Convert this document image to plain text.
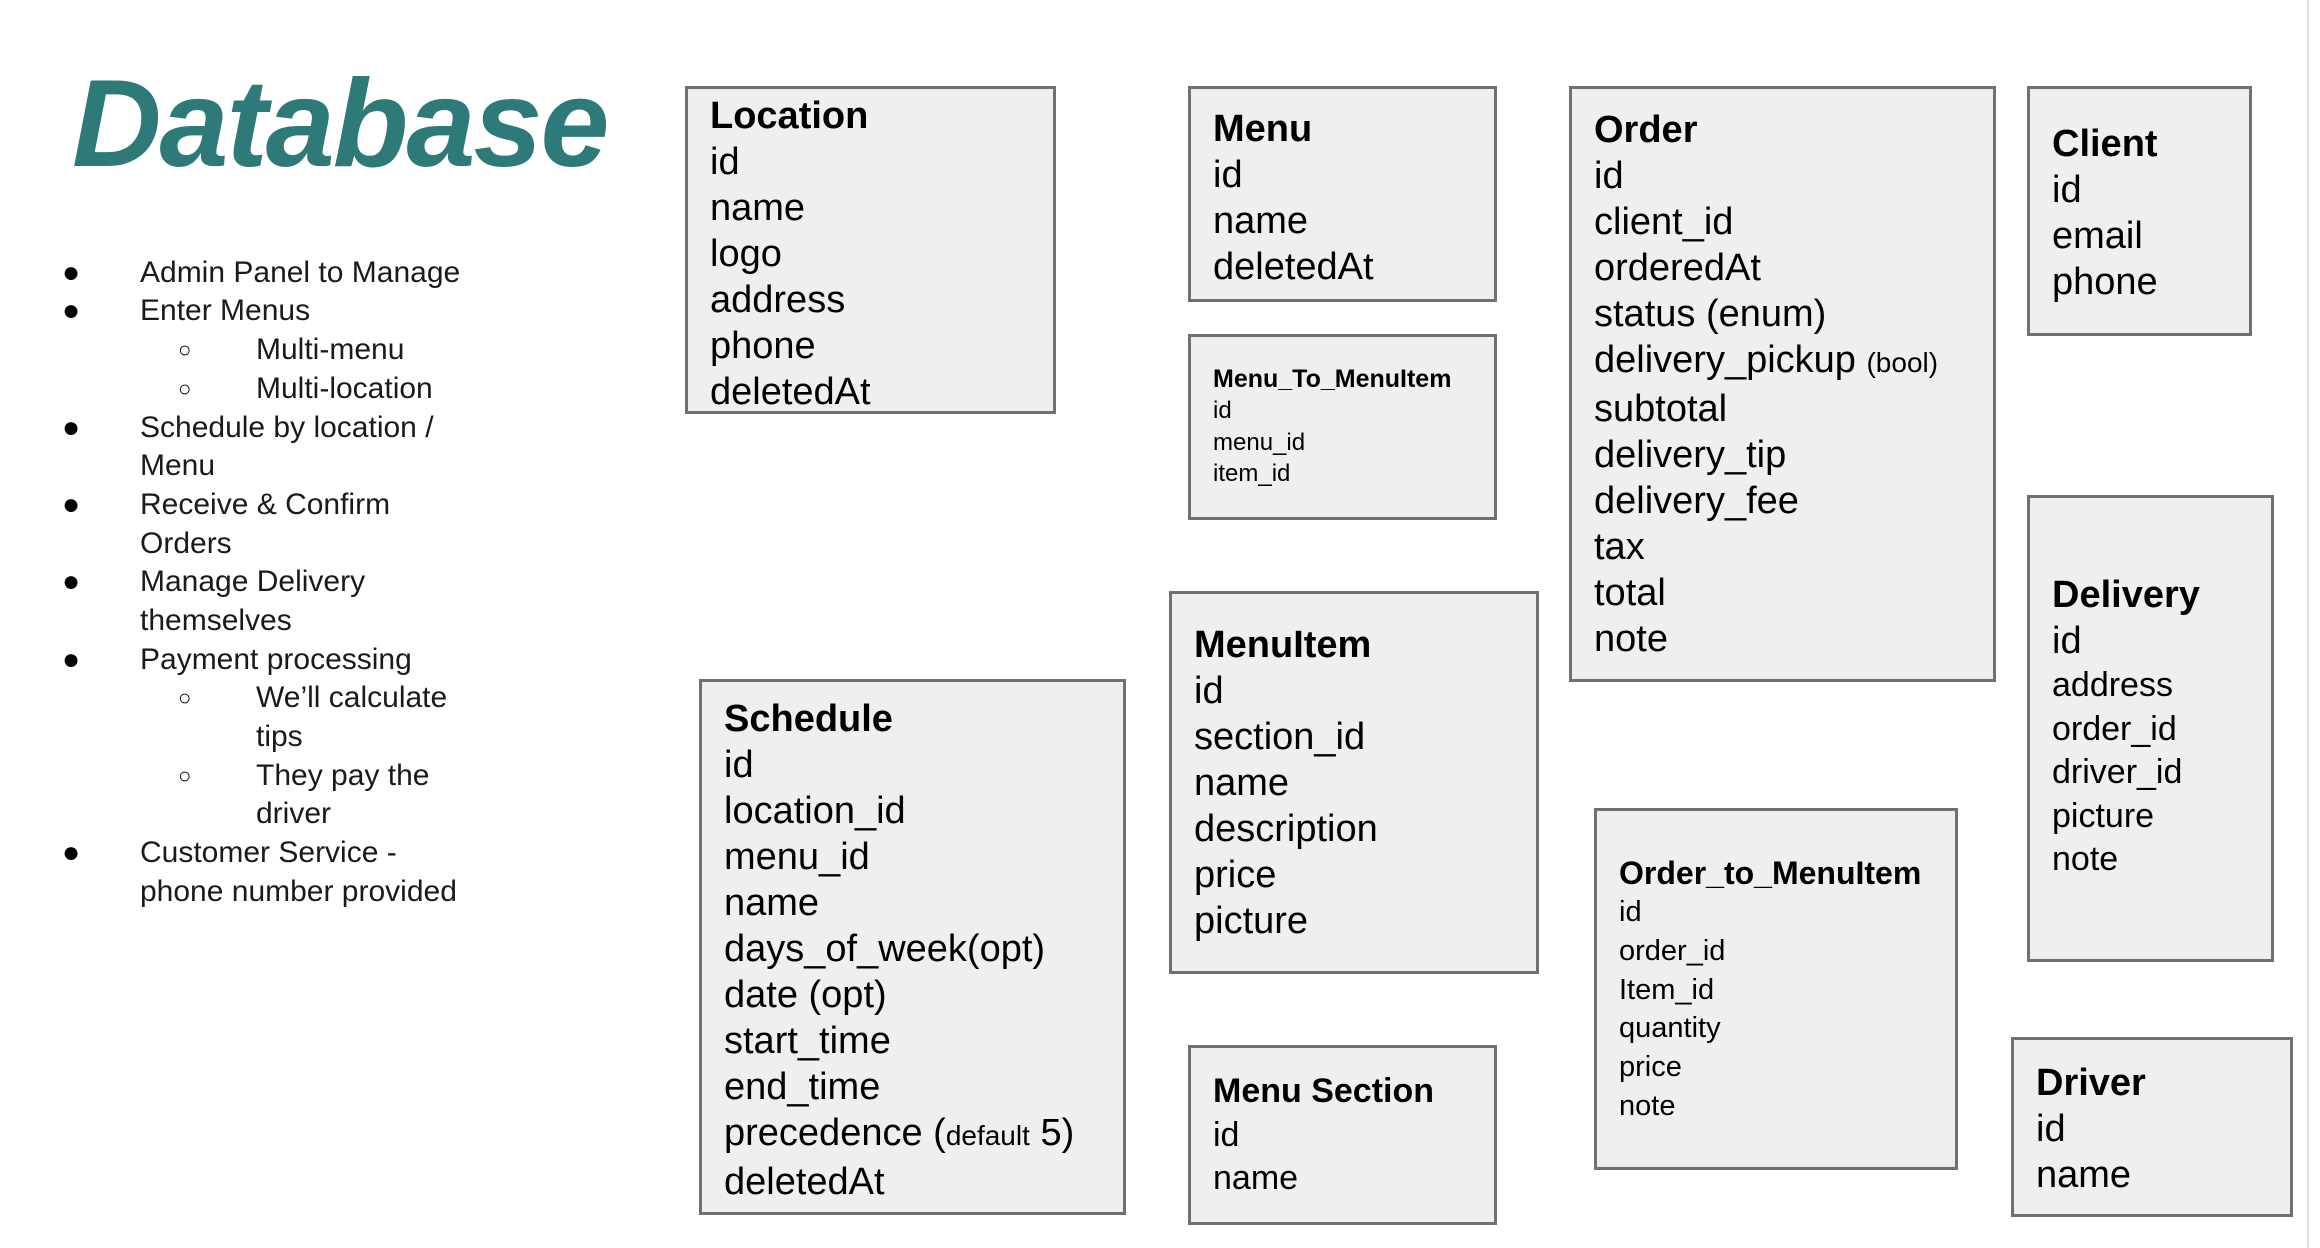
Database
● Admin Panel to Manage
● Enter Menus
○ Multi-menu
○ Multi-location
● Schedule by location /
Menu
● Receive & Confirm
Orders
● Manage Delivery
themselves
● Payment processing
○ We’ll calculate
tips
○ They pay the
driver
● Customer Service -
phone number provided
Location
id
name
logo
address
phone
deletedAt
Menu
id
name
deletedAt
Menu_To_MenuItem
id
menu_id
item_id
Order
id
client_id
orderedAt
status (enum)
delivery_pickup (bool)
subtotal
delivery_tip
delivery_fee
tax
total
note
Client
id
email
phone
Schedule
id
location_id
menu_id
name
days_of_week(opt)
date (opt)
start_time
end_time
precedence (default 5)
deletedAt
MenuItem
id
section_id
name
description
price
picture
Menu Section
id
name
Order_to_MenuItem
id
order_id
Item_id
quantity
price
note
Delivery
id
address
order_id
driver_id
picture
note
Driver
id
name
